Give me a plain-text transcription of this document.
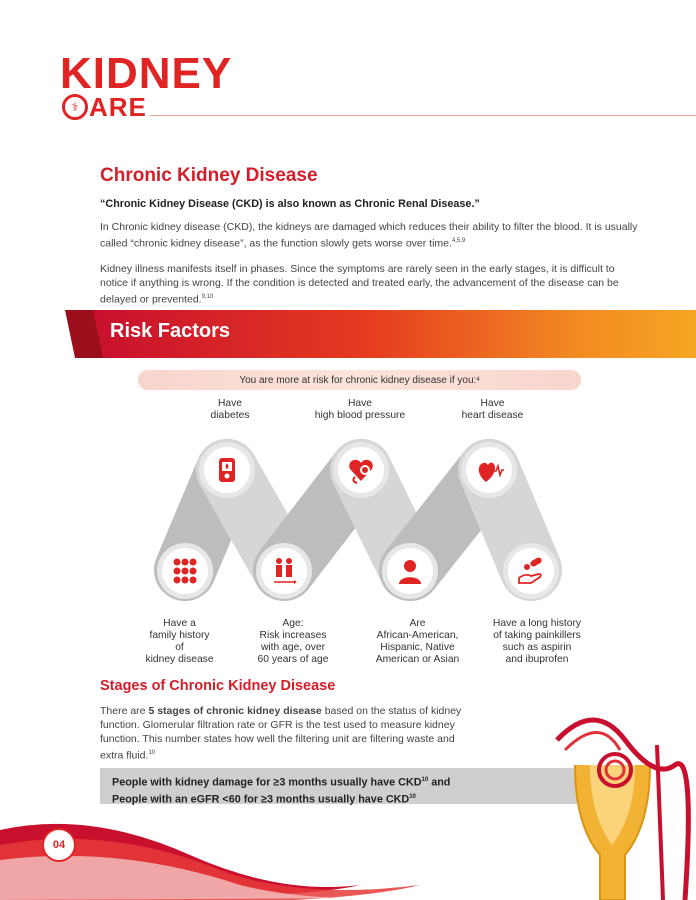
KIDNEY
⚕ ARE
Chronic Kidney Disease

“Chronic Kidney Disease (CKD) is also known as Chronic Renal Disease.”

In Chronic kidney disease (CKD), the kidneys are damaged which reduces their ability to filter the blood. It is usually called “chronic kidney disease”, as the function slowly gets worse over time.$^{4,5,9}$

Kidney illness manifests itself in phases. Since the symptoms are rarely seen in the early stages, it is difficult to notice if anything is wrong. If the condition is detected and treated early, the advancement of the disease can be delayed or prevented.$^{9,10}$

Risk Factors
You are more at risk for chronic kidney disease if you: 4
Have
diabetes
Have
high blood pressure
Have
heart disease
Have a
family history
of
kidney disease
Age:
Risk increases
with age, over
60 years of age
Are
African-American,
Hispanic, Native
American or Asian
Have a long history
of taking painkillers
such as aspirin
and ibuprofen
Stages of Chronic Kidney Disease

There are 5 stages of chronic kidney disease based on the status of kidney function. Glomerular filtration rate or GFR is the test used to measure kidney function. This number states how well the filtering unit are filtering waste and extra fluid.$^{10}$

People with kidney damage for ≥3 months usually have CKD$^{10}$ and
People with an eGFR <60 for ≥3 months usually have CKD$^{10}$
04
